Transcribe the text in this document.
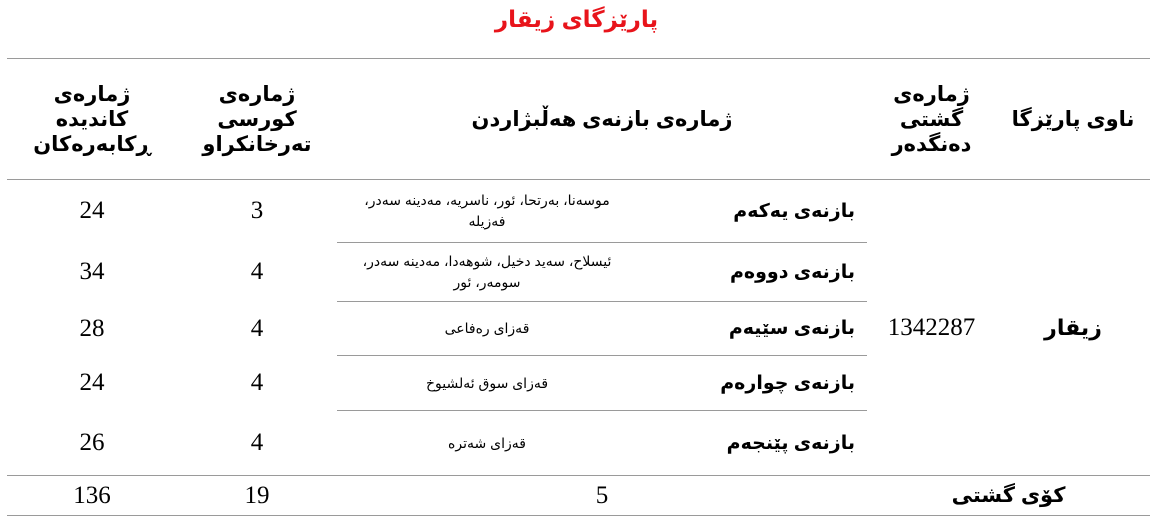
پارێزگای زیقار
ناوی پارێزگا	ژمارەی گشتی دەنگدەر	ژمارەی بازنەی هەڵبژاردن		ژمارەی کورسی تەرخانکراو	ژمارەی کاندیدە ڕکابەرەکان

زیقار	1342287	بازنەی یەکەم	موسەنا، بەرتحا، ئور، ناسریە، مەدینە سەدر، فەزیلە	3	24
		بازنەی دووەم	ئیسلاح، سەید دخیل، شوهەدا، مەدینە سەدر، سومەر، ئور	4	34
		بازنەی سێیەم	قەزای رەفاعی	4	28
		بازنەی چوارەم	قەزای سوق ئەلشیوخ	4	24
		بازنەی پێنجەم	قەزای شەترە	4	26
کۆی گشتی		5		19	136
